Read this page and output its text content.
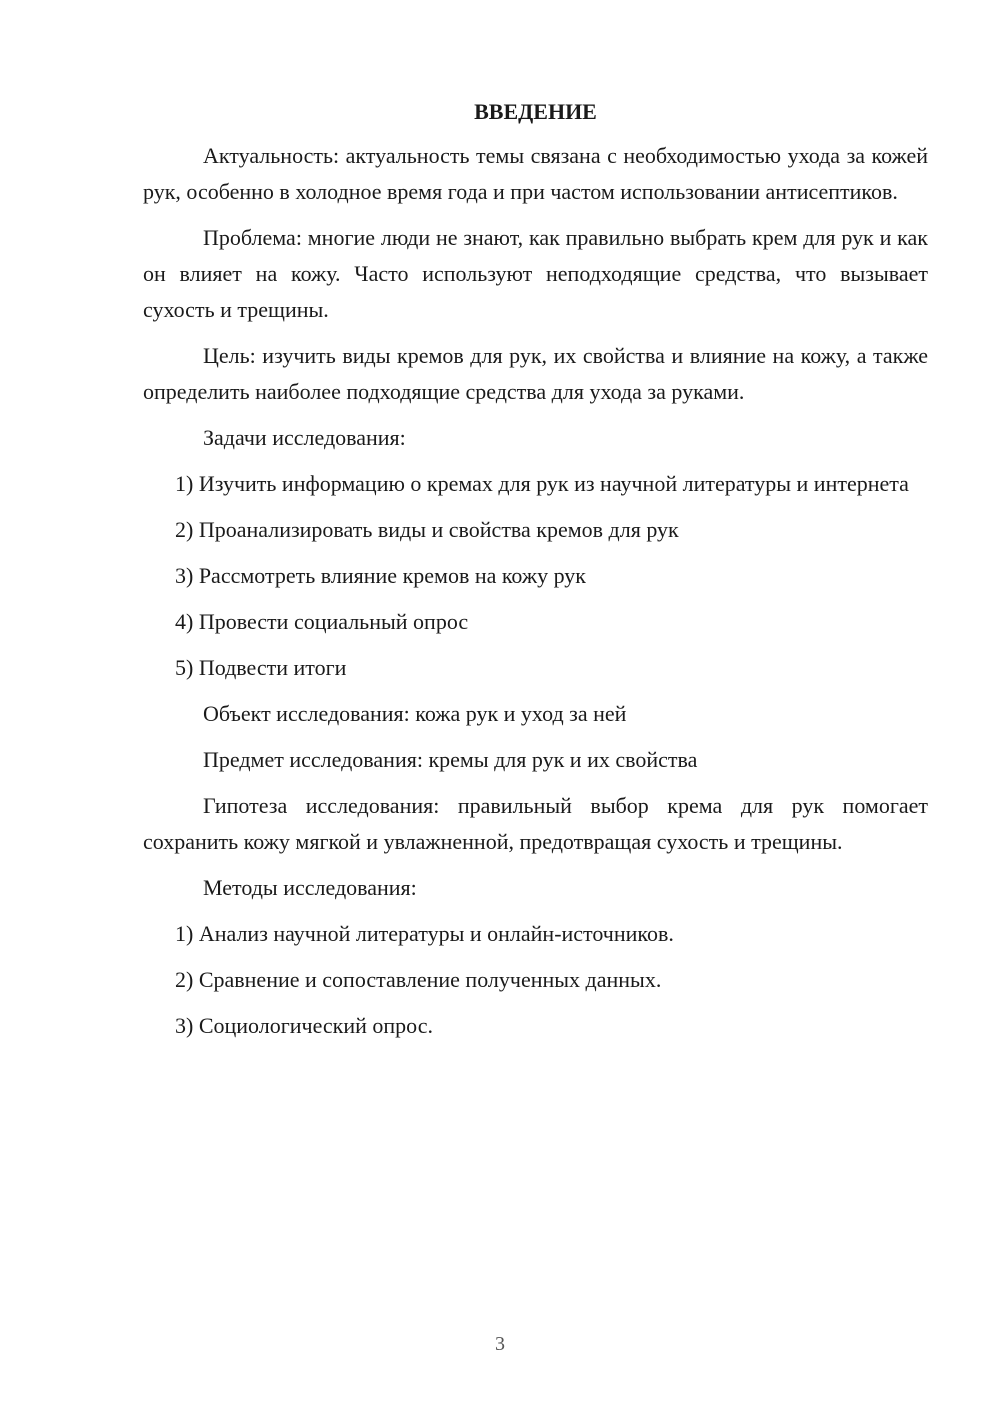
ВВЕДЕНИЕ

Актуальность: актуальность темы связана с необходимостью ухода за кожей рук, особенно в холодное время года и при частом использовании антисептиков.

Проблема: многие люди не знают, как правильно выбрать крем для рук и как он влияет на кожу. Часто используют неподходящие средства, что вызывает сухость и трещины.

Цель: изучить виды кремов для рук, их свойства и влияние на кожу, а также определить наиболее подходящие средства для ухода за руками.

Задачи исследования:

1) Изучить информацию о кремах для рук из научной литературы и интернета

2) Проанализировать виды и свойства кремов для рук

3) Рассмотреть влияние кремов на кожу рук

4) Провести социальный опрос

5) Подвести итоги

Объект исследования: кожа рук и уход за ней

Предмет исследования: кремы для рук и их свойства

Гипотеза исследования: правильный выбор крема для рук помогает сохранить кожу мягкой и увлажненной, предотвращая сухость и трещины.

Методы исследования:

1) Анализ научной литературы и онлайн-источников.

2) Сравнение и сопоставление полученных данных.

3) Социологический опрос.

3
